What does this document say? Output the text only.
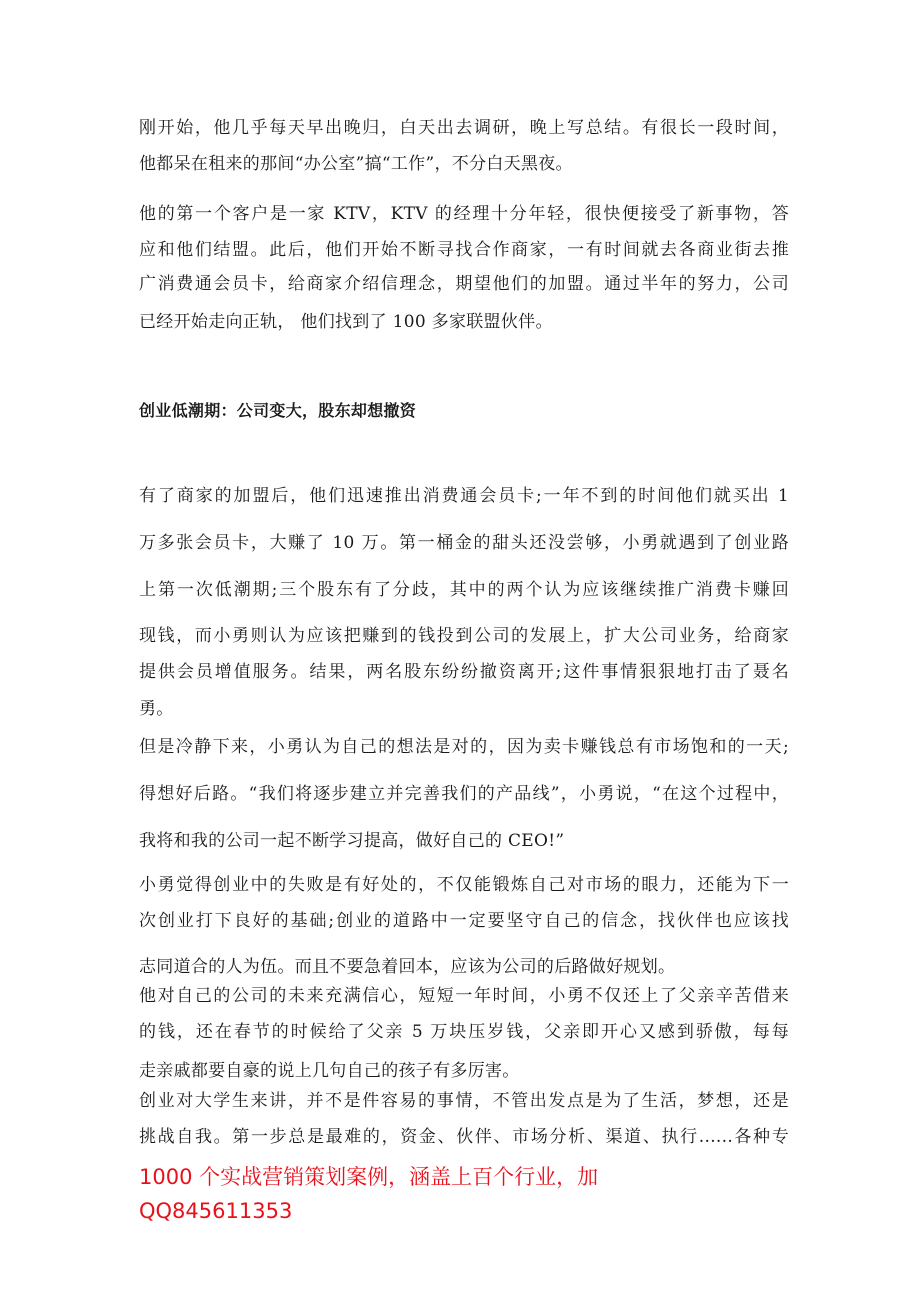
刚开始，他几乎每天早出晚归，白天出去调研，晚上写总结。有很长一段时间，
他都呆在租来的那间“办公室”搞“工作”，不分白天黑夜。
他的第一个客户是一家 KTV，KTV 的经理十分年轻，很快便接受了新事物，答
应和他们结盟。此后，他们开始不断寻找合作商家，一有时间就去各商业街去推
广消费通会员卡，给商家介绍信理念，期望他们的加盟。通过半年的努力，公司
已经开始走向正轨， 他们找到了 100 多家联盟伙伴。
创业低潮期：公司变大，股东却想撤资
有了商家的加盟后，他们迅速推出消费通会员卡;一年不到的时间他们就买出 1
万多张会员卡，大赚了 10 万。第一桶金的甜头还没尝够，小勇就遇到了创业路
上第一次低潮期;三个股东有了分歧，其中的两个认为应该继续推广消费卡赚回
现钱，而小勇则认为应该把赚到的钱投到公司的发展上，扩大公司业务，给商家
提供会员增值服务。结果，两名股东纷纷撤资离开;这件事情狠狠地打击了聂名
勇。
但是冷静下来，小勇认为自己的想法是对的，因为卖卡赚钱总有市场饱和的一天;
得想好后路。“我们将逐步建立并完善我们的产品线”，小勇说，“在这个过程中，
我将和我的公司一起不断学习提高，做好自己的 CEO!”
小勇觉得创业中的失败是有好处的，不仅能锻炼自己对市场的眼力，还能为下一
次创业打下良好的基础;创业的道路中一定要坚守自己的信念，找伙伴也应该找
志同道合的人为伍。而且不要急着回本，应该为公司的后路做好规划。
他对自己的公司的未来充满信心，短短一年时间，小勇不仅还上了父亲辛苦借来
的钱，还在春节的时候给了父亲 5 万块压岁钱，父亲即开心又感到骄傲，每每
走亲戚都要自豪的说上几句自己的孩子有多厉害。
创业对大学生来讲，并不是件容易的事情，不管出发点是为了生活，梦想，还是
挑战自我。第一步总是最难的，资金、伙伴、市场分析、渠道、执行......各种专
1000 个实战营销策划案例，涵盖上百个行业，加
QQ845611353
